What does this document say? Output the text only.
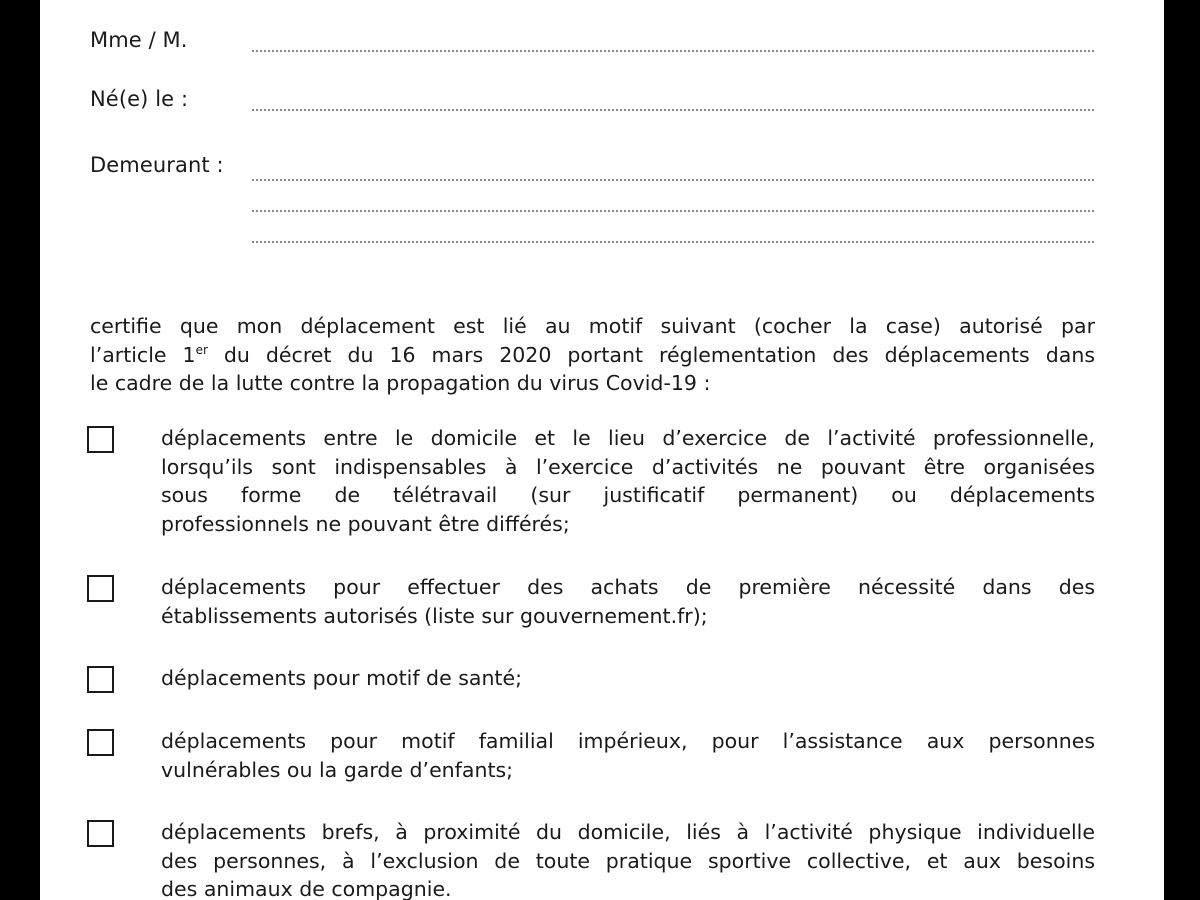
Mme / M.
Né(e) le :
Demeurant :
certifie que mon déplacement est lié au motif suivant (cocher la case) autorisé par
l’article 1er du décret du 16 mars 2020 portant réglementation des déplacements dans
le cadre de la lutte contre la propagation du virus Covid-19 :
déplacements entre le domicile et le lieu d’exercice de l’activité professionnelle,
lorsqu’ils sont indispensables à l’exercice d’activités ne pouvant être organisées
sous forme de télétravail (sur justificatif permanent) ou déplacements
professionnels ne pouvant être différés;
déplacements pour effectuer des achats de première nécessité dans des
établissements autorisés (liste sur gouvernement.fr);
déplacements pour motif de santé;
déplacements pour motif familial impérieux, pour l’assistance aux personnes
vulnérables ou la garde d’enfants;
déplacements brefs, à proximité du domicile, liés à l’activité physique individuelle
des personnes, à l’exclusion de toute pratique sportive collective, et aux besoins
des animaux de compagnie.
